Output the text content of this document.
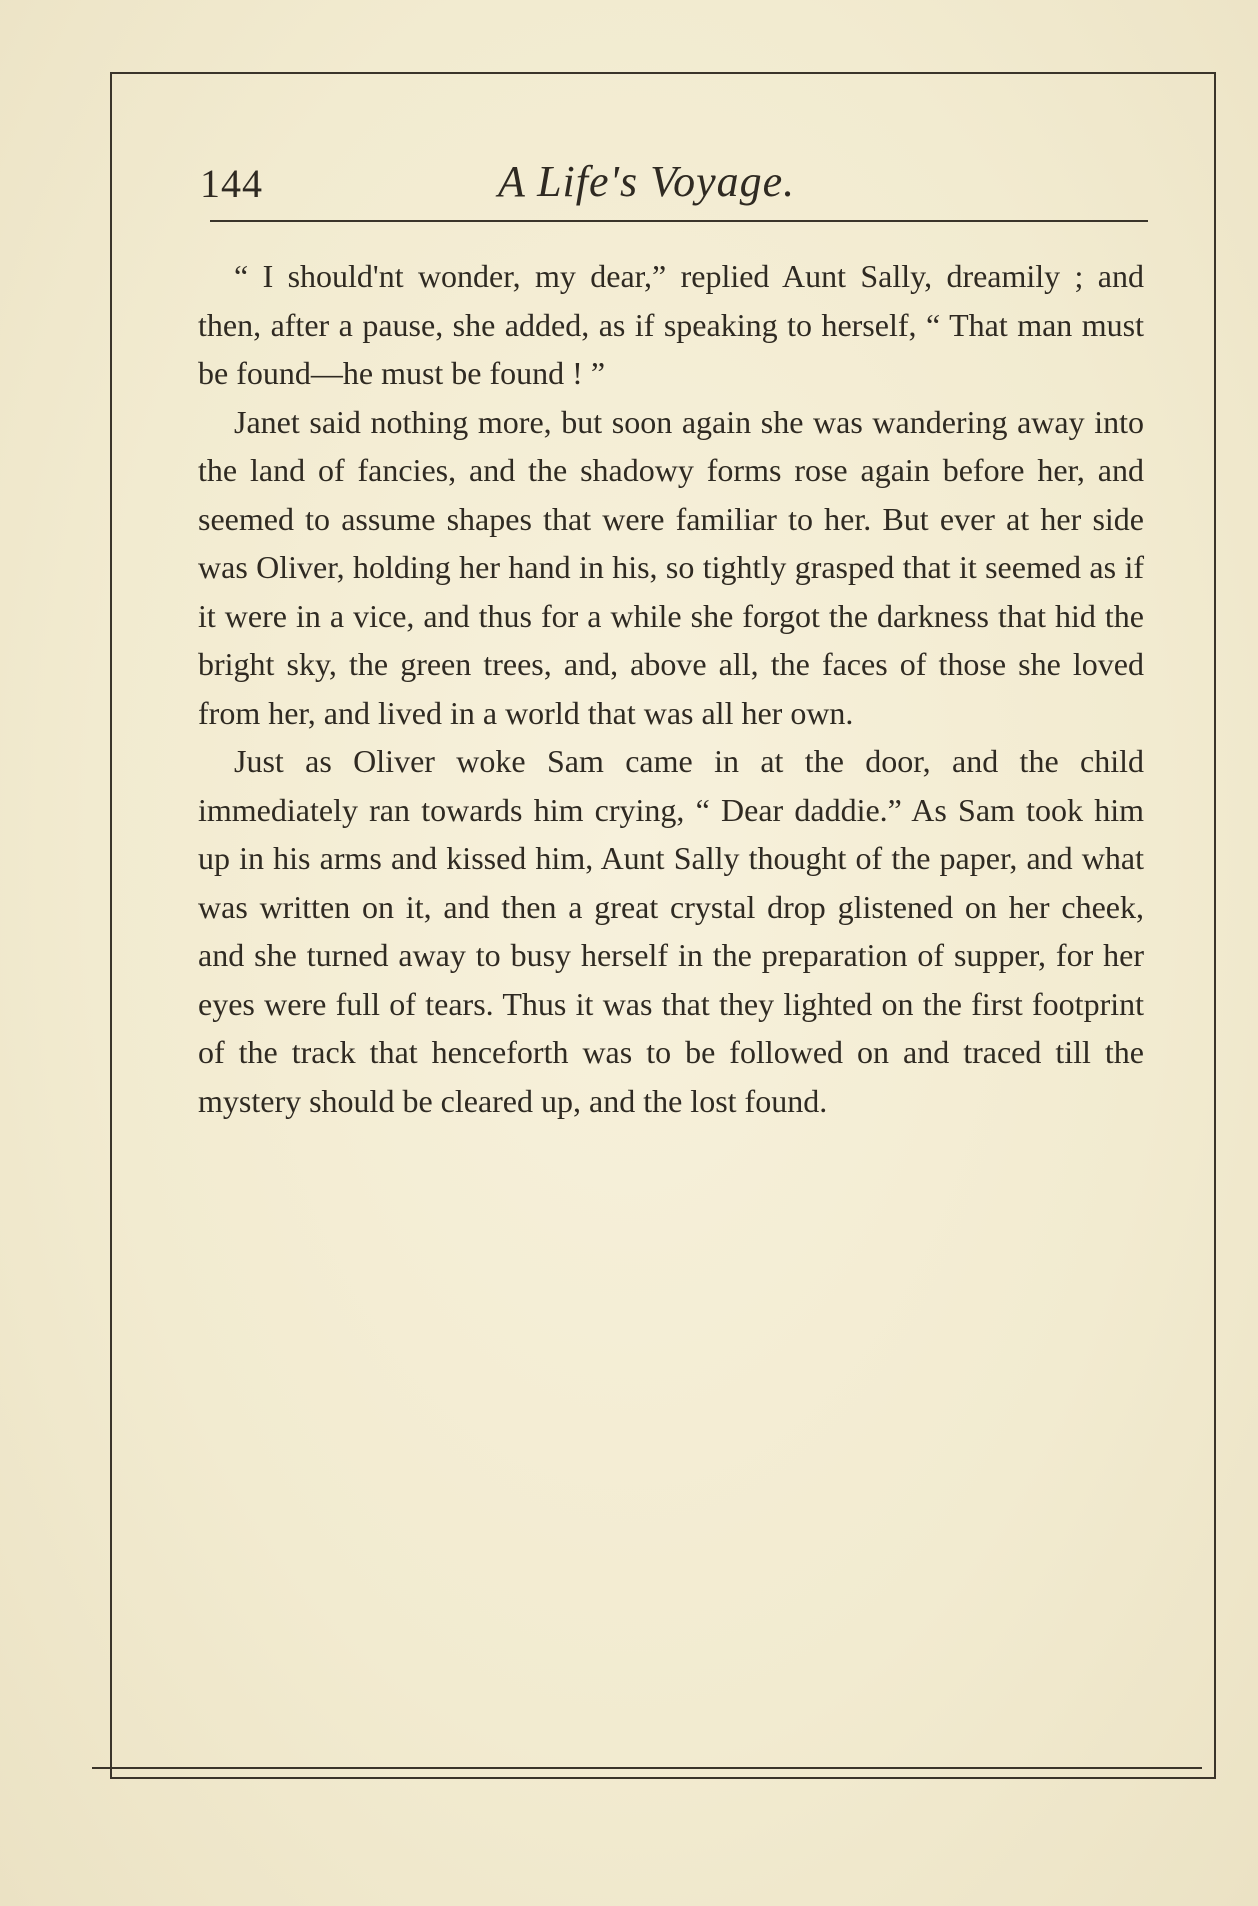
144	A Life's Voyage.

“ I should'nt wonder, my dear,” replied Aunt Sally, dreamily ; and then, after a pause, she added, as if speaking to herself, “ That man must be found—he must be found ! ”

Janet said nothing more, but soon again she was wandering away into the land of fancies, and the shadowy forms rose again before her, and seemed to assume shapes that were familiar to her. But ever at her side was Oliver, holding her hand in his, so tightly grasped that it seemed as if it were in a vice, and thus for a while she forgot the darkness that hid the bright sky, the green trees, and, above all, the faces of those she loved from her, and lived in a world that was all her own.

Just as Oliver woke Sam came in at the door, and the child immediately ran towards him crying, “ Dear daddie.” As Sam took him up in his arms and kissed him, Aunt Sally thought of the paper, and what was written on it, and then a great crystal drop glistened on her cheek, and she turned away to busy herself in the preparation of supper, for her eyes were full of tears. Thus it was that they lighted on the first footprint of the track that henceforth was to be followed on and traced till the mystery should be cleared up, and the lost found.
